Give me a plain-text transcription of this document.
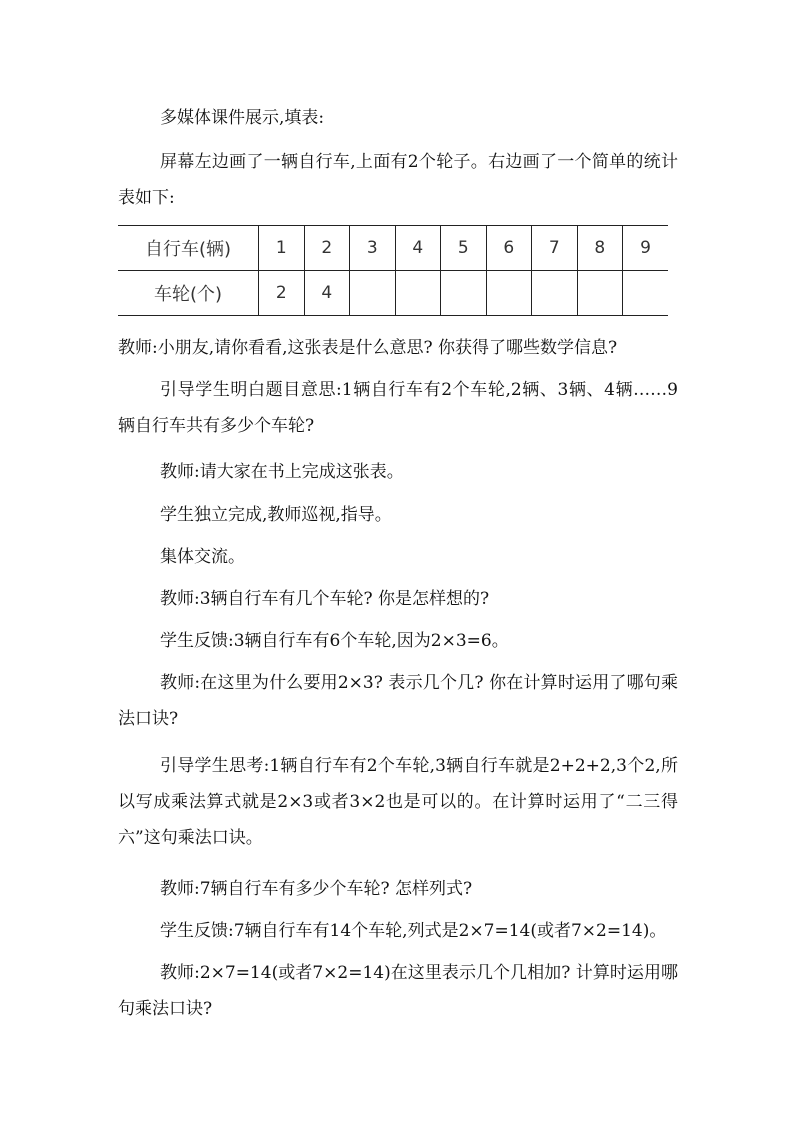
多媒体课件展示,填表:

屏幕左边画了一辆自行车,上面有2个轮子。右边画了一个简单的统计表如下:

自行车(辆)	1	2	3	4	5	6	7	8	9
车轮(个)	2	4							

教师:小朋友,请你看看,这张表是什么意思? 你获得了哪些数学信息?

引导学生明白题目意思:1辆自行车有2个车轮,2辆、3辆、4辆……9辆自行车共有多少个车轮?

教师:请大家在书上完成这张表。

学生独立完成,教师巡视,指导。

集体交流。

教师:3辆自行车有几个车轮? 你是怎样想的?

学生反馈:3辆自行车有6个车轮,因为2×3=6。

教师:在这里为什么要用2×3? 表示几个几? 你在计算时运用了哪句乘法口诀?

引导学生思考:1辆自行车有2个车轮,3辆自行车就是2+2+2,3个2,所以写成乘法算式就是2×3或者3×2也是可以的。在计算时运用了“二三得六”这句乘法口诀。

教师:7辆自行车有多少个车轮? 怎样列式?

学生反馈:7辆自行车有14个车轮,列式是2×7=14(或者7×2=14)。

教师:2×7=14(或者7×2=14)在这里表示几个几相加? 计算时运用哪句乘法口诀?
